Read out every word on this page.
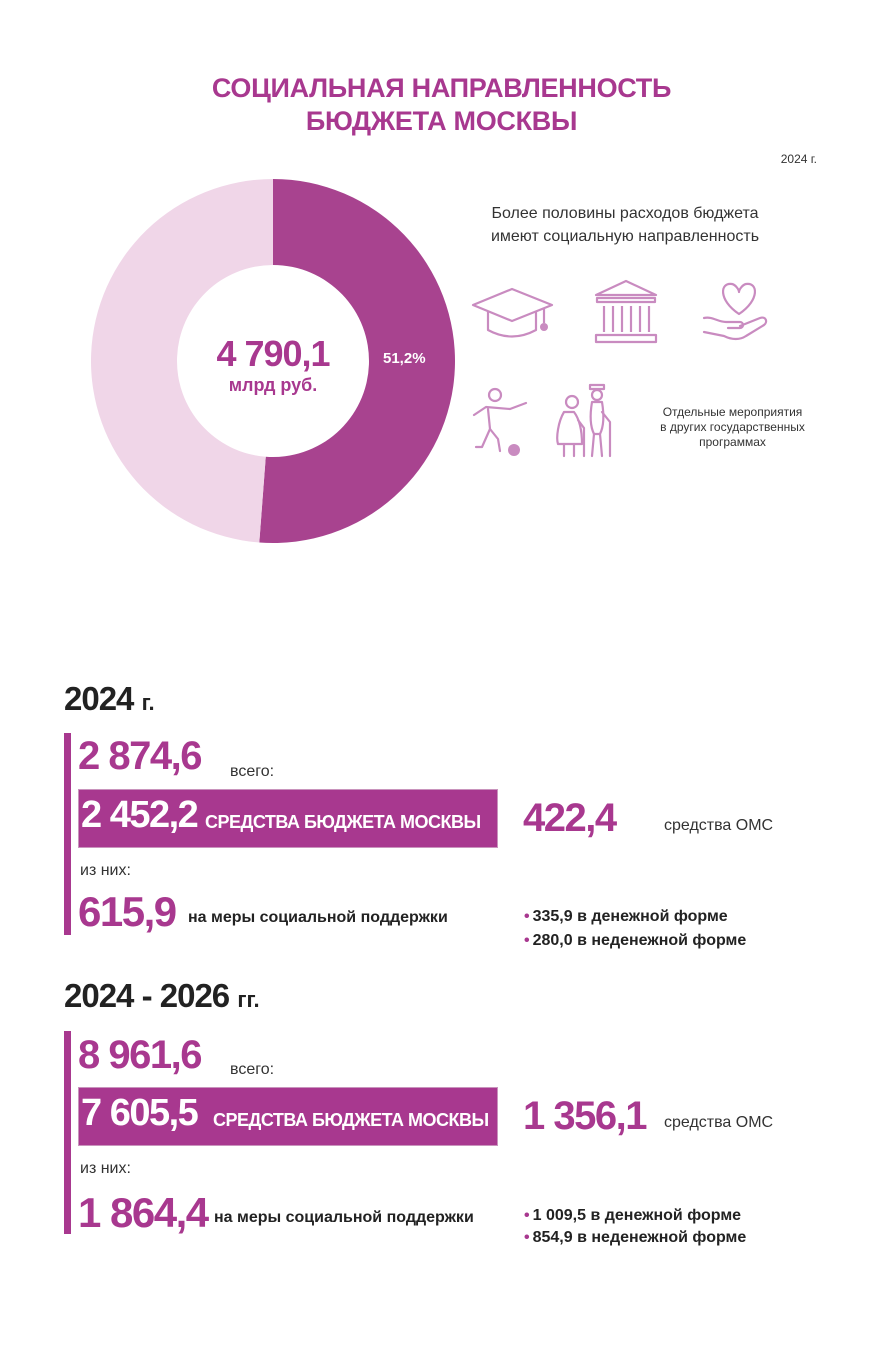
СОЦИАЛЬНАЯ НАПРАВЛЕННОСТЬ
БЮДЖЕТА МОСКВЫ
2024 г.
4 790,1
млрд руб.
51,2%
Более половины расходов бюджета
имеют социальную направленность
Отдельные мероприятия
в других государственных
программах
2024 г.
2 874,6 всего:
2 452,2 СРЕДСТВА БЮДЖЕТА МОСКВЫ 422,4	средства ОМС
из них:
615,9 на меры социальной поддержки	• 335,9 в денежной форме
• 280,0 в неденежной форме
2024 - 2026 гг.
8 961,6 всего:
7 605,5 СРЕДСТВА БЮДЖЕТА МОСКВЫ 1 356,1 средства ОМС
из них:
1 864,4 на меры социальной поддержки	• 1 009,5 в денежной форме
• 854,9 в неденежной форме
